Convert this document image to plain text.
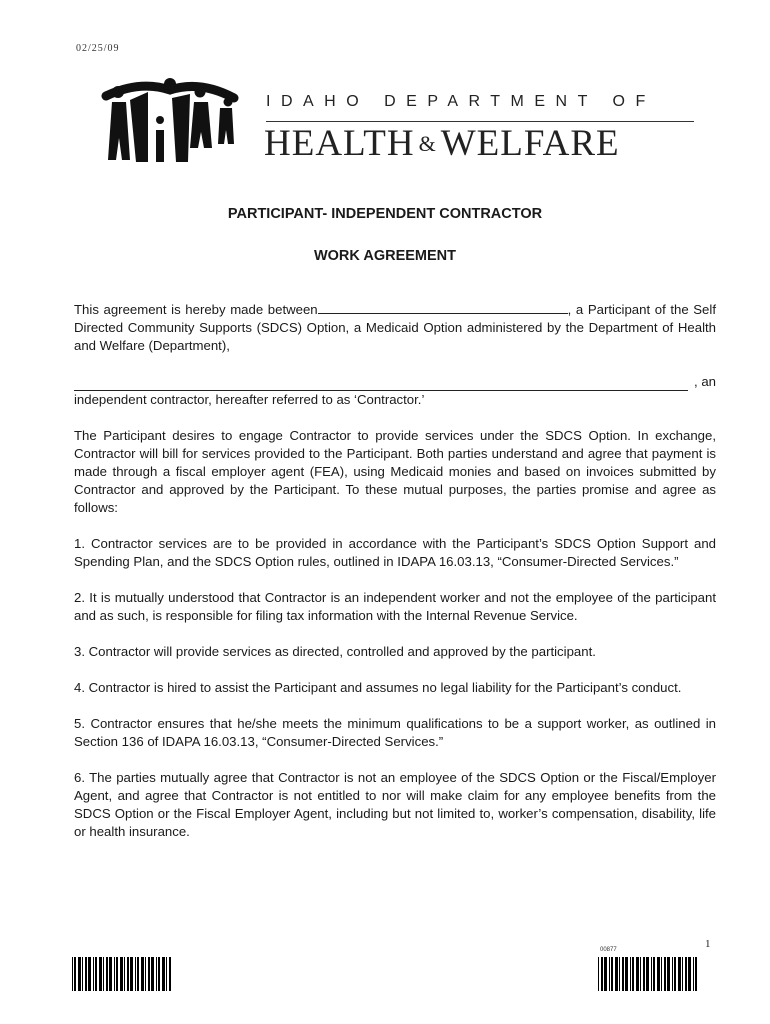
02/25/09
IDAHO DEPARTMENT OF
HEALTH & WELFARE
PARTICIPANT- INDEPENDENT CONTRACTOR
WORK AGREEMENT

This agreement is hereby made between	, a Participant of the Self Directed Community Supports (SDCS) Option, a Medicaid Option administered by the Department of Health and Welfare (Department),

, an

independent contractor, hereafter referred to as ‘Contractor.’

The Participant desires to engage Contractor to provide services under the SDCS Option. In exchange, Contractor will bill for services provided to the Participant. Both parties understand and agree that payment is made through a fiscal employer agent (FEA), using Medicaid monies and based on invoices submitted by Contractor and approved by the Participant. To these mutual purposes, the parties promise and agree as follows:

1. Contractor services are to be provided in accordance with the Participant’s SDCS Option Support and Spending Plan, and the SDCS Option rules, outlined in IDAPA 16.03.13, “Consumer-Directed Services.”

2. It is mutually understood that Contractor is an independent worker and not the employee of the participant and as such, is responsible for filing tax information with the Internal Revenue Service.

3. Contractor will provide services as directed, controlled and approved by the participant.

4. Contractor is hired to assist the Participant and assumes no legal liability for the Participant’s conduct.

5. Contractor ensures that he/she meets the minimum qualifications to be a support worker, as outlined in Section 136 of IDAPA 16.03.13, “Consumer-Directed Services.”

6. The parties mutually agree that Contractor is not an employee of the SDCS Option or the Fiscal/Employer Agent, and agree that Contractor is not entitled to nor will make claim for any employee benefits from the SDCS Option or the Fiscal Employer Agent, including but not limited to, worker’s compensation, disability, life or health insurance.

1
00877
